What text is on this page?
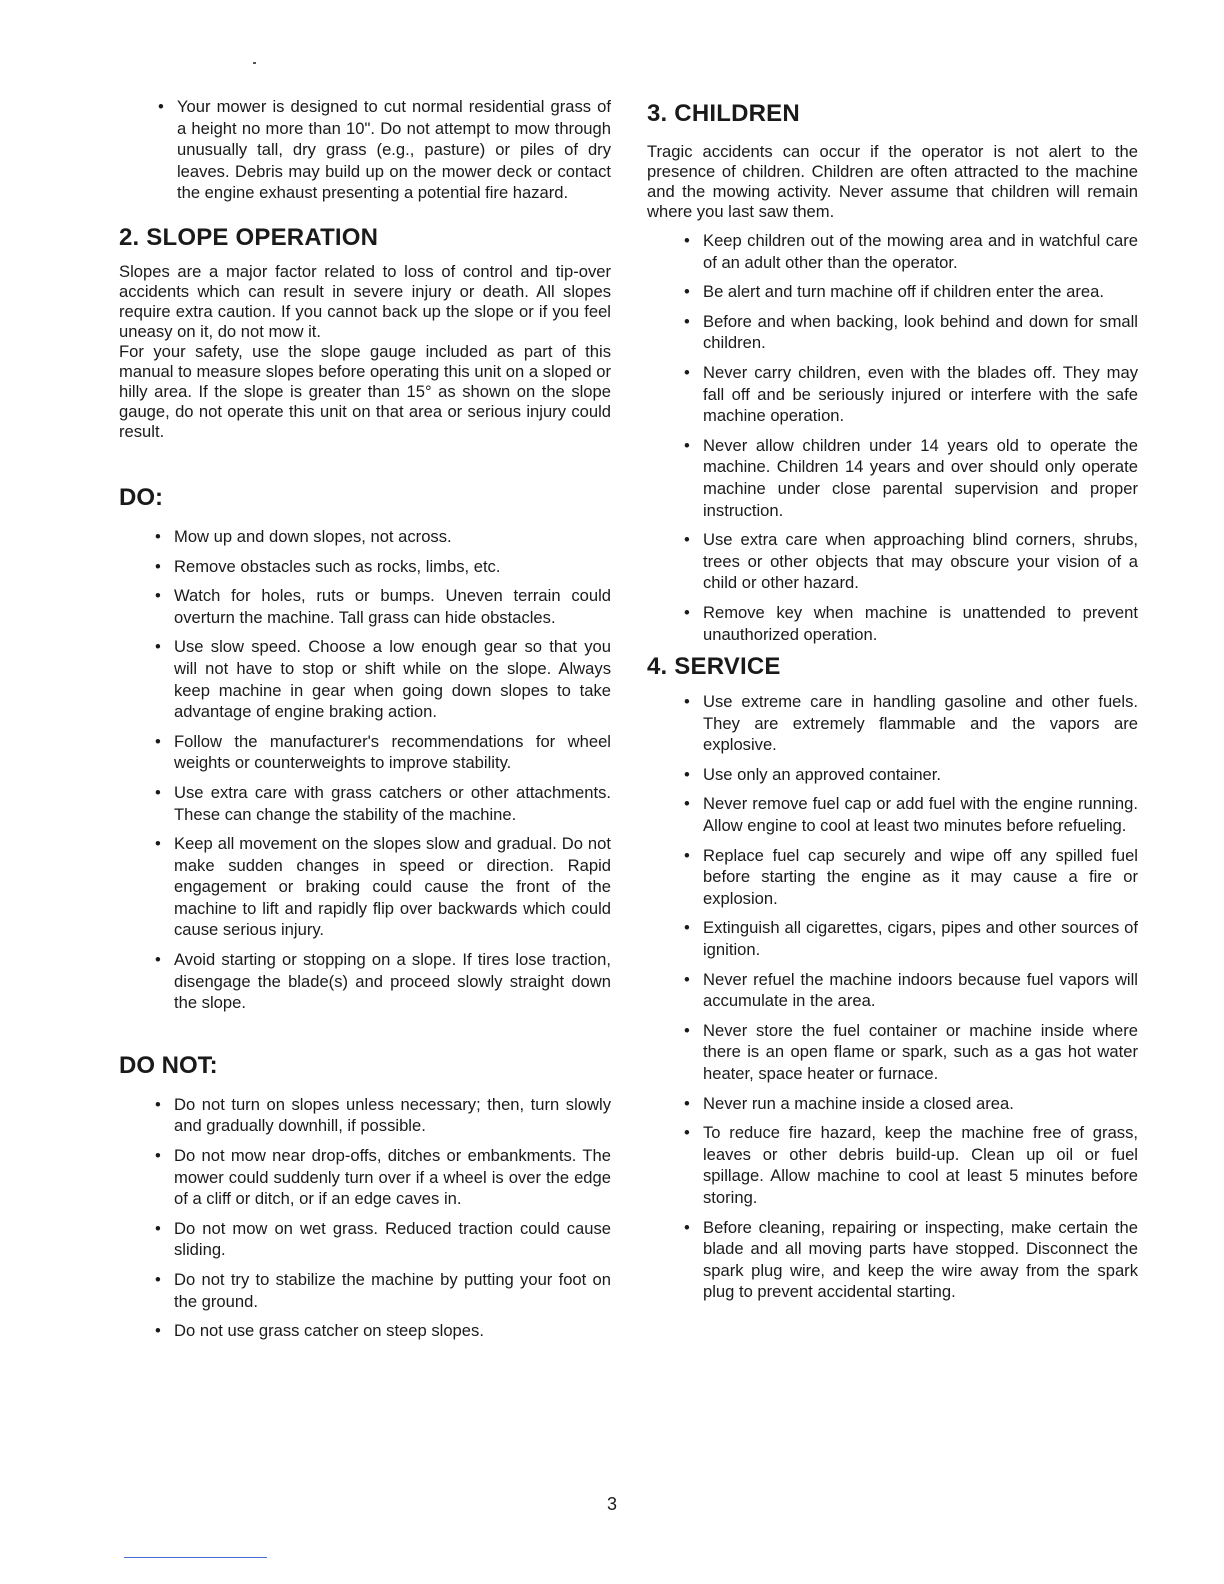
• Your mower is designed to cut normal residential grass of a height no more than 10". Do not attempt to mow through unusually tall, dry grass (e.g., pasture) or piles of dry leaves. Debris may build up on the mower deck or contact the engine exhaust presenting a potential fire hazard.
2. SLOPE OPERATION

Slopes are a major factor related to loss of control and tip-over accidents which can result in severe injury or death. All slopes require extra caution. If you cannot back up the slope or if you feel uneasy on it, do not mow it.

For your safety, use the slope gauge included as part of this manual to measure slopes before operating this unit on a sloped or hilly area. If the slope is greater than 15° as shown on the slope gauge, do not operate this unit on that area or serious injury could result.

DO:
• Mow up and down slopes, not across.
• Remove obstacles such as rocks, limbs, etc.
• Watch for holes, ruts or bumps. Uneven terrain could overturn the machine. Tall grass can hide obstacles.
• Use slow speed. Choose a low enough gear so that you will not have to stop or shift while on the slope. Always keep machine in gear when going down slopes to take advantage of engine braking action.
• Follow the manufacturer's recommendations for wheel weights or counterweights to improve stability.
• Use extra care with grass catchers or other attachments. These can change the stability of the machine.
• Keep all movement on the slopes slow and gradual. Do not make sudden changes in speed or direction. Rapid engagement or braking could cause the front of the machine to lift and rapidly flip over backwards which could cause serious injury.
• Avoid starting or stopping on a slope. If tires lose traction, disengage the blade(s) and proceed slowly straight down the slope.
DO NOT:
• Do not turn on slopes unless necessary; then, turn slowly and gradually downhill, if possible.
• Do not mow near drop-offs, ditches or embankments. The mower could suddenly turn over if a wheel is over the edge of a cliff or ditch, or if an edge caves in.
• Do not mow on wet grass. Reduced traction could cause sliding.
• Do not try to stabilize the machine by putting your foot on the ground.
• Do not use grass catcher on steep slopes.
3. CHILDREN

Tragic accidents can occur if the operator is not alert to the presence of children. Children are often attracted to the machine and the mowing activity. Never assume that children will remain where you last saw them.

• Keep children out of the mowing area and in watchful care of an adult other than the operator.
• Be alert and turn machine off if children enter the area.
• Before and when backing, look behind and down for small children.
• Never carry children, even with the blades off. They may fall off and be seriously injured or interfere with the safe machine operation.
• Never allow children under 14 years old to operate the machine. Children 14 years and over should only operate machine under close parental supervision and proper instruction.
• Use extra care when approaching blind corners, shrubs, trees or other objects that may obscure your vision of a child or other hazard.
• Remove key when machine is unattended to prevent unauthorized operation.
4. SERVICE
• Use extreme care in handling gasoline and other fuels. They are extremely flammable and the vapors are explosive.
• Use only an approved container.
• Never remove fuel cap or add fuel with the engine running. Allow engine to cool at least two minutes before refueling.
• Replace fuel cap securely and wipe off any spilled fuel before starting the engine as it may cause a fire or explosion.
• Extinguish all cigarettes, cigars, pipes and other sources of ignition.
• Never refuel the machine indoors because fuel vapors will accumulate in the area.
• Never store the fuel container or machine inside where there is an open flame or spark, such as a gas hot water heater, space heater or furnace.
• Never run a machine inside a closed area.
• To reduce fire hazard, keep the machine free of grass, leaves or other debris build-up. Clean up oil or fuel spillage. Allow machine to cool at least 5 minutes before storing.
• Before cleaning, repairing or inspecting, make certain the blade and all moving parts have stopped. Disconnect the spark plug wire, and keep the wire away from the spark plug to prevent accidental starting.
3
